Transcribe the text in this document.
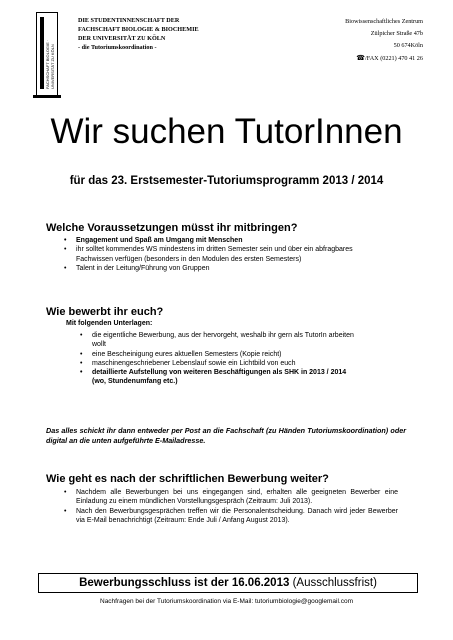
FACHSCHAFT BIOLOGIE · UNIVERSITÄT ZU KÖLN
DIE STUDENTINNENSCHAFT DER
FACHSCHAFT BIOLOGIE & BIOCHEMIE
DER UNIVERSITÄT ZU KÖLN
- die Tutoriumskoordination -
Biowissenschaftliches Zentrum
Zülpicher Straße 47b
50 674Köln
☎/FAX (0221) 470 41 26
Wir suchen TutorInnen
für das 23. Erstsemester-Tutoriumsprogramm 2013 / 2014
Welche Voraussetzungen müsst ihr mitbringen?
• Engagement und Spaß am Umgang mit Menschen
• ihr solltet kommendes WS mindestens im dritten Semester sein und über ein abfragbares Fachwissen verfügen (besonders in den Modulen des ersten Semesters)
• Talent in der Leitung/Führung von Gruppen
Wie bewerbt ihr euch?
Mit folgenden Unterlagen:
• die eigentliche Bewerbung, aus der hervorgeht, weshalb ihr gern als TutorIn arbeiten wollt
• eine Bescheinigung eures aktuellen Semesters (Kopie reicht)
• maschinengeschriebener Lebenslauf sowie ein Lichtbild von euch
• detaillierte Aufstellung von weiteren Beschäftigungen als SHK in 2013 / 2014 (wo, Stundenumfang etc.)
Das alles schickt ihr dann entweder per Post an die Fachschaft (zu Händen Tutoriumskoordination) oder digital an die unten aufgeführte E-Mailadresse.
Wie geht es nach der schriftlichen Bewerbung weiter?
• Nachdem alle Bewerbungen bei uns eingegangen sind, erhalten alle geeigneten Bewerber eine Einladung zu einem mündlichen Vorstellungsgespräch (Zeitraum: Juli 2013).
• Nach den Bewerbungsgesprächen treffen wir die Personalentscheidung. Danach wird jeder Bewerber via E-Mail benachrichtigt (Zeitraum: Ende Juli / Anfang August 2013).
Bewerbungsschluss ist der 16.06.2013 (Ausschlussfrist)
Nachfragen bei der Tutoriumskoordination via E-Mail: tutoriumbiologie@googlemail.com
